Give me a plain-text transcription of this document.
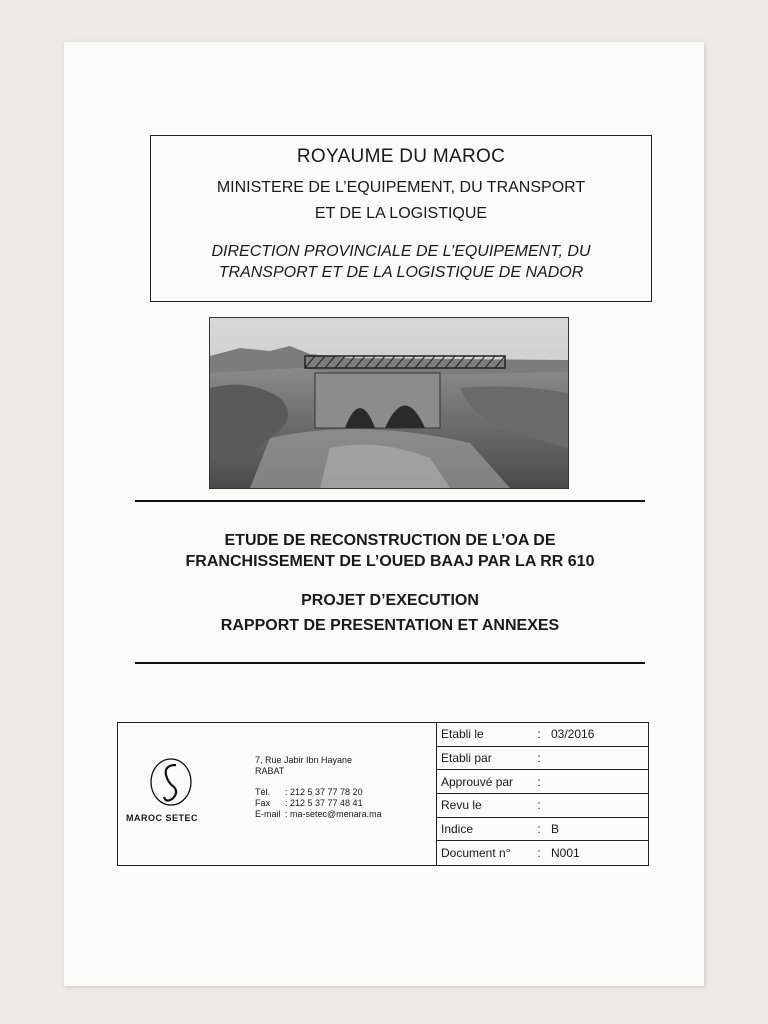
ROYAUME DU MAROC
MINISTERE DE L’EQUIPEMENT, DU TRANSPORT
ET DE LA LOGISTIQUE
DIRECTION PROVINCIALE DE L’EQUIPEMENT, DU
TRANSPORT ET DE LA LOGISTIQUE DE NADOR
ETUDE DE RECONSTRUCTION DE L’OA DE
FRANCHISSEMENT DE L’OUED BAAJ PAR LA RR 610
PROJET D’EXECUTION
RAPPORT DE PRESENTATION ET ANNEXES
MAROC SETEC
7, Rue Jabir Ibn Hayane
RABAT
Tél.	: 212 5 37 77 78 20
Fax	: 212 5 37 77 48 41
E-mail : ma-setec@menara.ma
Etabli le	: 03/2016
Etabli par	:
Approuvé par	:
Revu le	:
Indice	: B
Document n°	: N001
